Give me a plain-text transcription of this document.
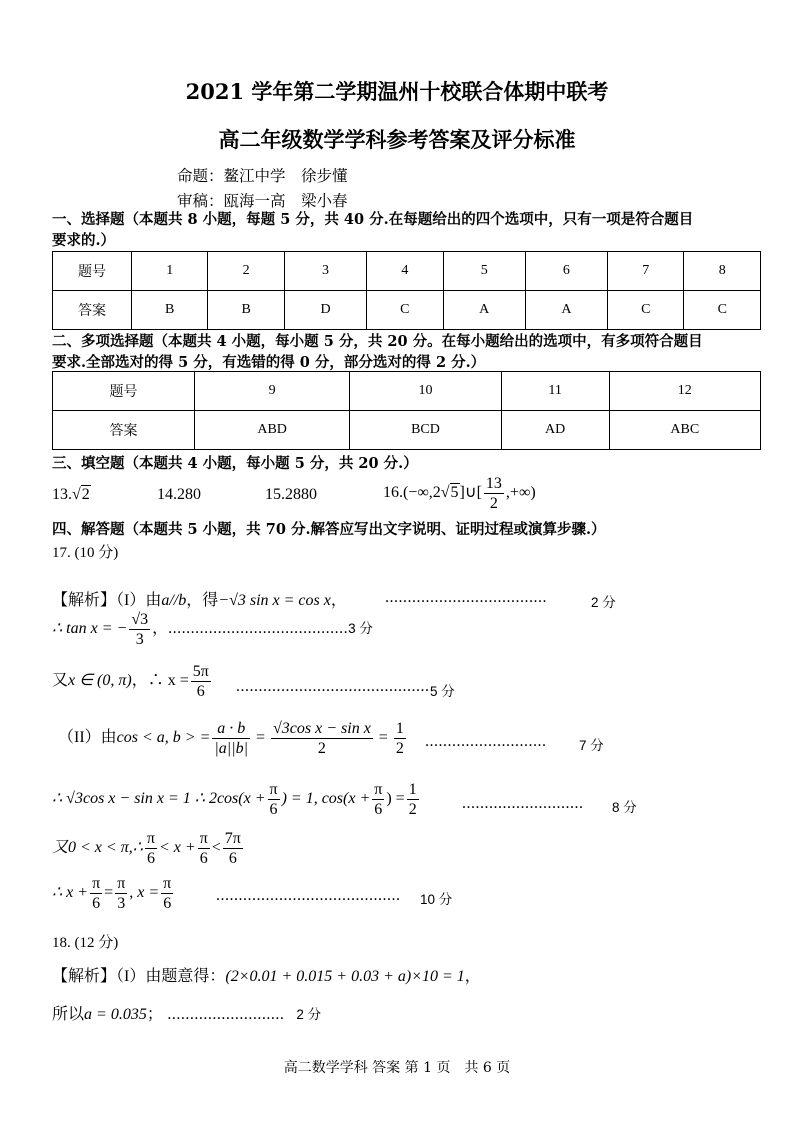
2021 学年第二学期温州十校联合体期中联考
高二年级数学学科参考答案及评分标准
命题：鳌江中学　 徐步懂
审稿：瓯海一高　 梁小春
一、选择题（本题共 8 小题，每题 5 分，共 40 分.在每题给出的四个选项中，只有一项是符合题目
要求的.）
题号	1	2	3	4	5	6	7	8
答案	B	B	D	C	A	A	C	C
二、多项选择题（本题共 4 小题，每小题 5 分，共 20 分。在每小题给出的选项中，有多项符合题目
要求.全部选对的得 5 分，有选错的得 0 分，部分选对的得 2 分.）
题号	9	10	11	12
答案	ABD	BCD	AD	ABC
三、填空题（本题共 4 小题，每小题 5 分，共 20 分.）
13.√2	14.280	15.2880	16.(−∞,2√5]∪[ $\frac{13}{2}$ ,+∞)
四、解答题（本题共 5 小题，共 70 分.解答应写出文字说明、证明过程或演算步骤.）
17. (10 分)
【解析】（I）由a//b，得−√3 sin x = cos x， ....................................	2 分
∴ tan x = − $\frac{√3}{3}$ ，........................................3 分
又x ∈ (0, π)，∴ $x = \frac{5\pi}{6}$ ........................................... 5 分
（II）由cos < a, b > = $\frac{a \cdot b}{|a||b|} = \frac{\text{√3cos x − sin x}}{2} = \frac{1}{2}$ ........................... 7 分
∴ √3cos x − sin x = 1 ∴ $2\cos(x + \frac{\pi}{6}$ ) = 1, $\cos(x + \frac{\pi}{6}$ ) = $\frac{1}{2}$	........................... 8 分
又0 < x < π,∴ $\frac{\pi}{6} < x + \frac{\pi}{6} < \frac{7\pi}{6}$
∴ $x + \frac{\pi}{6} = \frac{\pi}{3}$ , $x = \frac{\pi}{6}$	......................................... 10 分
18. (12 分)
【解析】（I）由题意得：(2×0.01 + 0.015 + 0.03 + a)×10 = 1，
所以a = 0.035； .......................... 2 分
高二数学学科 答案 第 1 页　共 6 页
